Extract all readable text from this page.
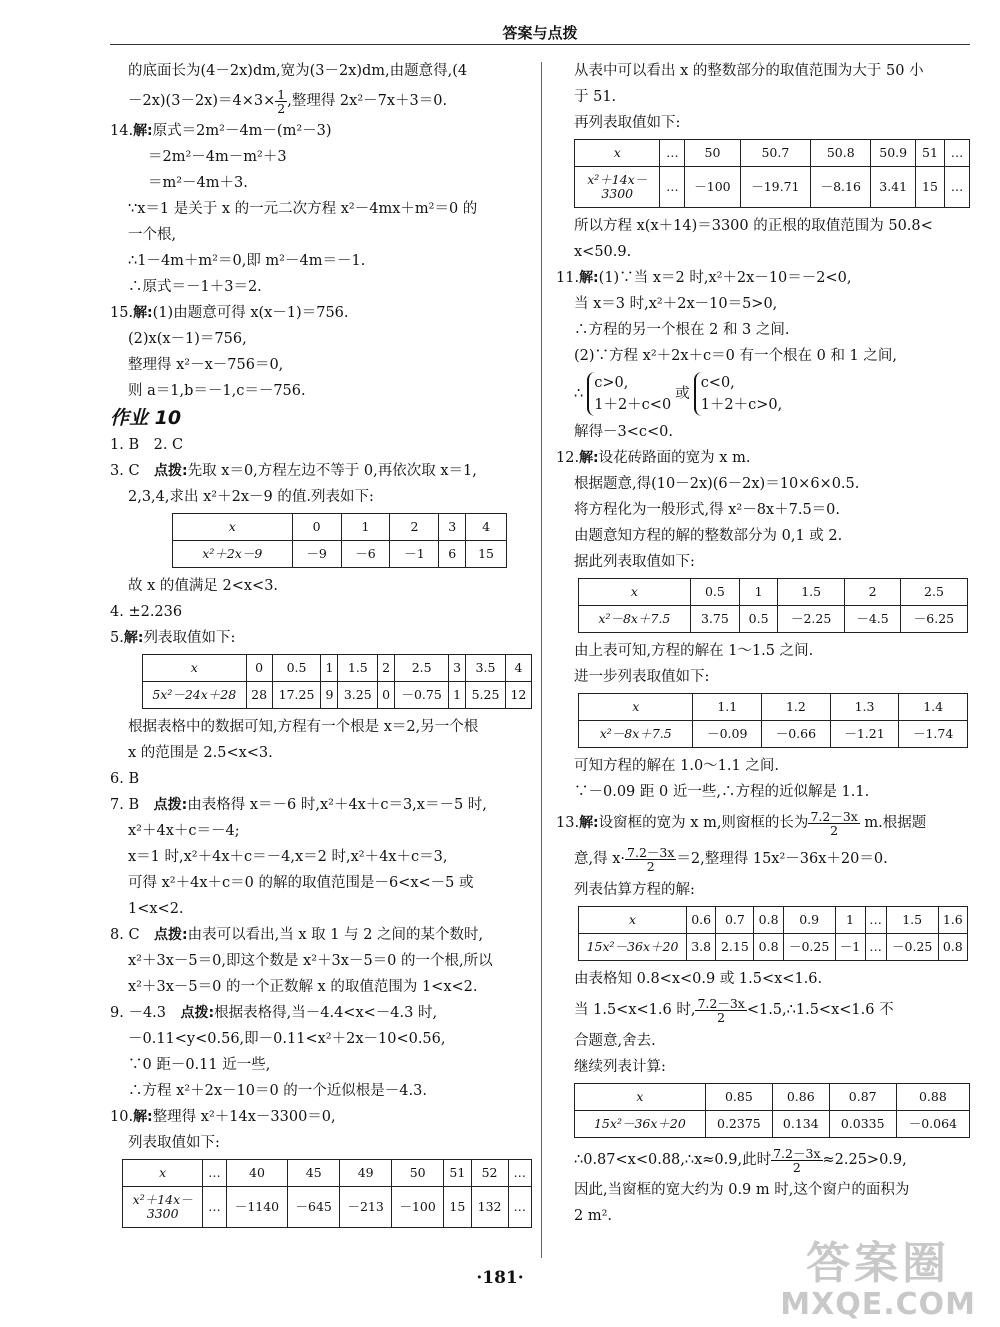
答案与点拨
的底面长为(4－2x)dm,宽为(3－2x)dm,由题意得,(4
$-2x)(3-2x)=4\times 3\times \frac{1}{2}$ ,整理得 2x²－7x＋3＝0.
14.解:原式＝2m²－4m－(m²－3)
＝2m²－4m－m²＋3
＝m²－4m＋3.
∵x＝1 是关于 x 的一元二次方程 x²－4mx＋m²＝0 的
一个根,
∴1－4m＋m²＝0,即 m²－4m＝－1.
∴原式＝－1＋3＝2.
15.解:(1)由题意可得 x(x－1)＝756.
(2)x(x－1)＝756,
整理得 x²－x－756＝0,
则 a＝1,b＝－1,c＝－756.
作业 10
1. B　2. C
3. C　 点拨:先取 x＝0,方程左边不等于 0,再依次取 x＝1,
2,3,4,求出 x²＋2x－9 的值.列表如下:
x	0	1	2	3	4
x²＋2x－9	－9	－6	－1	6	15
故 x 的值满足 2<x<3.
4. ±2.236
5.解:列表取值如下:
x	0	0.5	1	1.5	2	2.5	3	3.5	4
5x²－24x＋28	28	17.25	9	3.25	0	－0.75	1	5.25	12
根据表格中的数据可知,方程有一个根是 x＝2,另一个根
x 的范围是 2.5<x<3.
6. B
7. B　 点拨:由表格得 x＝－6 时,x²＋4x＋c＝3,x＝－5 时,
x²＋4x＋c＝－4;
x＝1 时,x²＋4x＋c＝－4,x＝2 时,x²＋4x＋c＝3,
可得 x²＋4x＋c＝0 的解的取值范围是－6<x<－5 或
1<x<2.
8. C　 点拨:由表可以看出,当 x 取 1 与 2 之间的某个数时,
x²＋3x－5＝0,即这个数是 x²＋3x－5＝0 的一个根,所以
x²＋3x－5＝0 的一个正数解 x 的取值范围为 1<x<2.
9. －4.3　 点拨:根据表格得,当－4.4<x<－4.3 时,
－0.11<y<0.56,即－0.11<x²＋2x－10<0.56,
∵0 距－0.11 近一些,
∴方程 x²＋2x－10＝0 的一个近似根是－4.3.
10.解:整理得 x²＋14x－3300＝0,
列表取值如下:
x	…	40	45	49	50	51	52	…
x²＋14x－
3300	…	－1140	－645	－213	－100	15	132	…
从表中可以看出 x 的整数部分的取值范围为大于 50 小
于 51.
再列表取值如下:
x	…	50	50.7	50.8	50.9	51	…
x²＋14x－
3300	…	－100	－19.71	－8.16	3.41	15	…
所以方程 x(x＋14)＝3300 的正根的取值范围为 50.8<
x<50.9.
11.解:(1)∵当 x＝2 时,x²＋2x－10＝－2<0,
当 x＝3 时,x²＋2x－10＝5>0,
∴方程的另一个根在 2 和 3 之间.
(2)∵方程 x²＋2x＋c＝0 有一个根在 0 和 1 之间,
∴
c>0,
1＋2＋c<0
或
c<0,
1＋2＋c>0,
解得－3<c<0.
12.解:设花砖路面的宽为 x m.
根据题意,得(10－2x)(6－2x)＝10×6×0.5.
将方程化为一般形式,得 x²－8x＋7.5＝0.
由题意知方程的解的整数部分为 0,1 或 2.
据此列表取值如下:
x	0.5	1	1.5	2	2.5
x²－8x＋7.5	3.75	0.5	－2.25	－4.5	－6.25
由上表可知,方程的解在 1～1.5 之间.
进一步列表取值如下:
x	1.1	1.2	1.3	1.4
x²－8x＋7.5	－0.09	－0.66	－1.21	－1.74
可知方程的解在 1.0～1.1 之间.
∵－0.09 距 0 近一些,∴方程的近似解是 1.1.
13.解:设窗框的宽为 x m,则窗框的长为 $\frac{7.2-3x}{2} m$.根据题
意,得 $x\cdot \frac{7.2-3x}{2} =2$,整理得 15x²－36x＋20＝0.
列表估算方程的解:
x	0.6	0.7	0.8	0.9	1	…	1.5	1.6
15x²－36x＋20	3.8	2.15	0.8	－0.25	－1	…	－0.25	0.8
由表格知 0.8<x<0.9 或 1.5<x<1.6.
当 1.5<x<1.6 时, $\frac{7.2-3x}{2}$ <1.5,∴1.5<x<1.6 不
合题意,舍去.
继续列表计算:
x	0.85	0.86	0.87	0.88
15x²－36x＋20	0.2375	0.134	0.0335	－0.064
∴0.87<x<0.88,∴x≈0.9,此时 $\frac{7.2-3x}{2} \approx 2.25>0.9$,
因此,当窗框的宽大约为 0.9 m 时,这个窗户的面积为
2 m².
·181·	答案圈
MXQE.COM
